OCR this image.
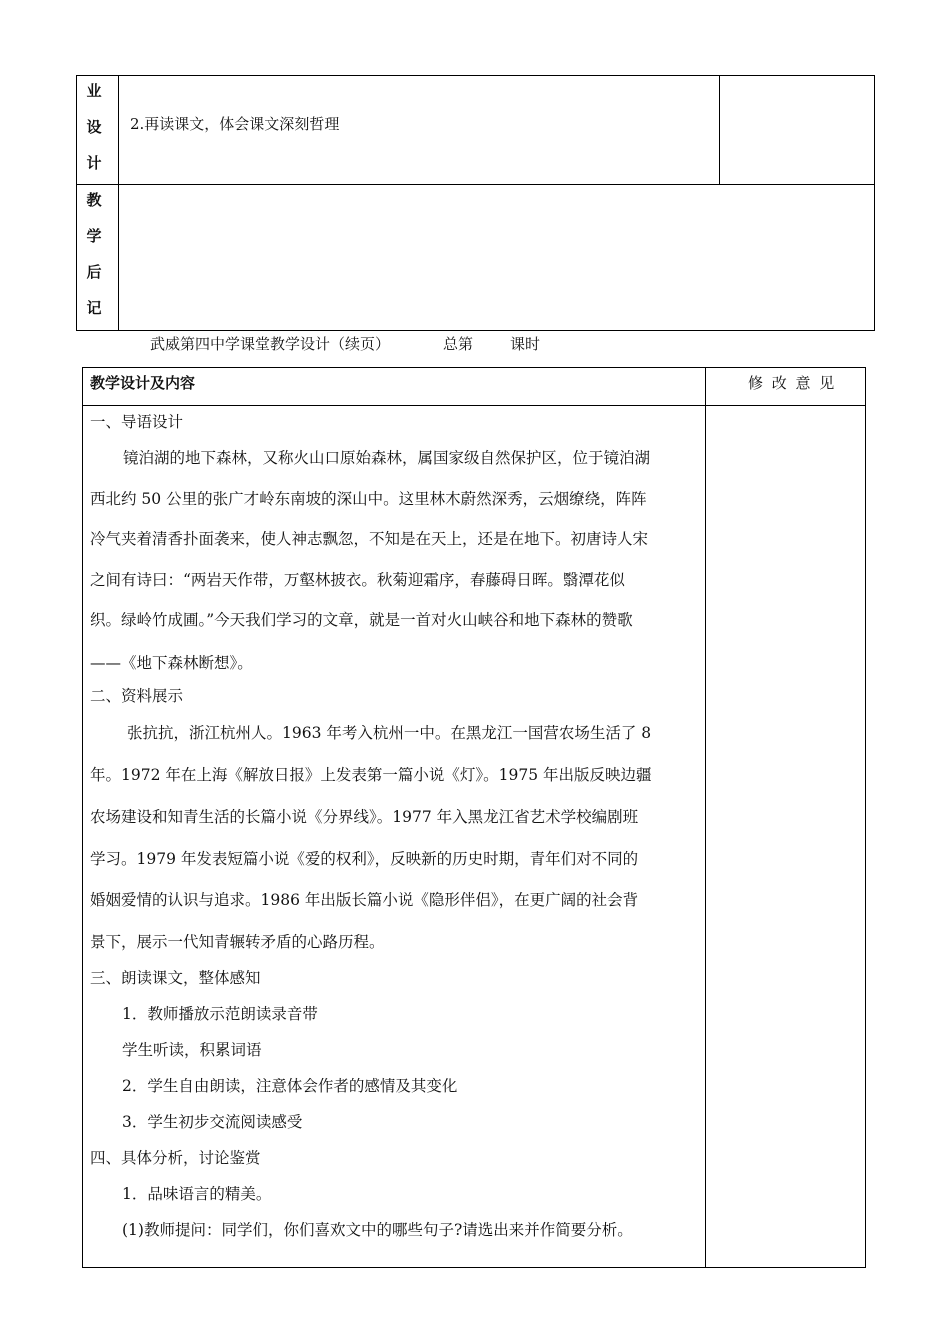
业
设
计
2.再读课文，体会课文深刻哲理
教
学
后
记
武威第四中学课堂教学设计（续页）	总第 课时
教学设计及内容	修 改 意 见
一、导语设计
镜泊湖的地下森林，又称火山口原始森林，属国家级自然保护区，位于镜泊湖
西北约 50 公里的张广才岭东南坡的深山中。这里林木蔚然深秀，云烟缭绕，阵阵
冷气夹着清香扑面袭来，使人神志飘忽，不知是在天上，还是在地下。初唐诗人宋
之间有诗曰：“两岩天作带，万壑林披衣。秋菊迎霜序，春藤碍日晖。翳潭花似
织。绿岭竹成圃。”今天我们学习的文章，就是一首对火山峡谷和地下森林的赞歌
——《地下森林断想》。
二、资料展示
张抗抗，浙江杭州人。1963 年考入杭州一中。在黑龙江一国营农场生活了 8
年。1972 年在上海《解放日报》上发表第一篇小说《灯》。1975 年出版反映边疆
农场建设和知青生活的长篇小说《分界线》。1977 年入黑龙江省艺术学校编剧班
学习。1979 年发表短篇小说《爱的权利》，反映新的历史时期，青年们对不同的
婚姻爱情的认识与追求。1986 年出版长篇小说《隐形伴侣》，在更广阔的社会背
景下，展示一代知青辗转矛盾的心路历程。
三、朗读课文，整体感知
1．教师播放示范朗读录音带
学生听读，积累词语
2．学生自由朗读，注意体会作者的感情及其变化
3．学生初步交流阅读感受
四、具体分析，讨论鉴赏
1．品味语言的精美。
(1)教师提问：同学们，你们喜欢文中的哪些句子?请选出来并作简要分析。
